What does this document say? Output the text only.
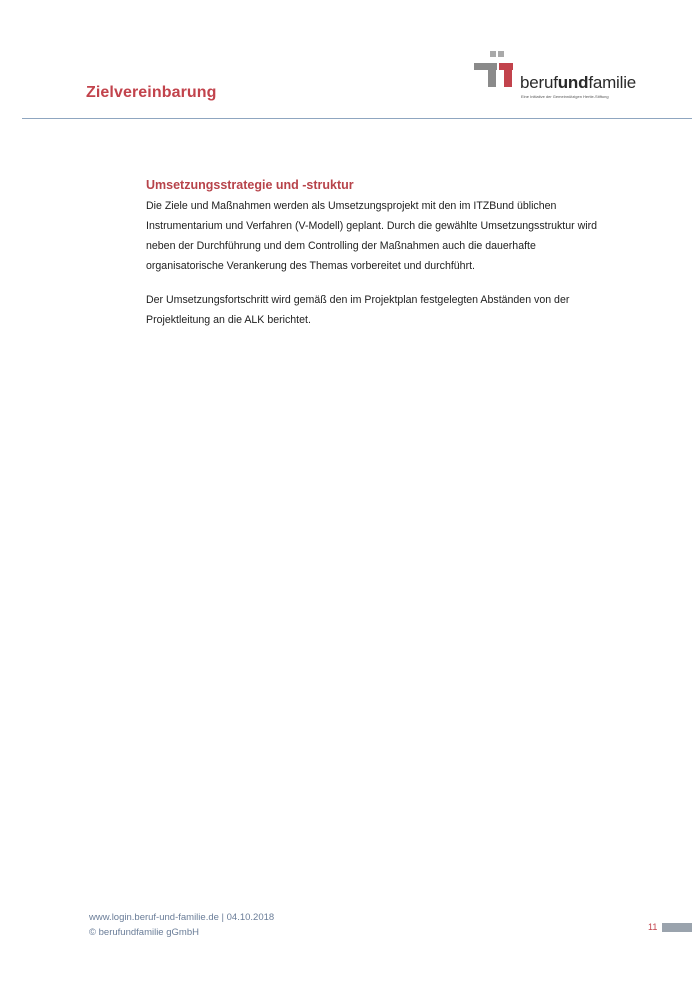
Zielvereinbarung
berufundfamilie
Eine Initiative der Gemeinnützigen Hertie-Stiftung
Umsetzungsstrategie und -struktur

Die Ziele und Maßnahmen werden als Umsetzungsprojekt mit den im ITZBund üblichen Instrumentarium und Verfahren (V-Modell) geplant. Durch die gewählte Umsetzungsstruktur wird neben der Durchführung und dem Controlling der Maßnahmen auch die dauerhafte organisatorische Verankerung des Themas vorbereitet und durchführt.

Der Umsetzungsfortschritt wird gemäß den im Projektplan festgelegten Abständen von der Projektleitung an die ALK berichtet.

www.login.beruf-und-familie.de | 04.10.2018
© berufundfamilie gGmbH	11
